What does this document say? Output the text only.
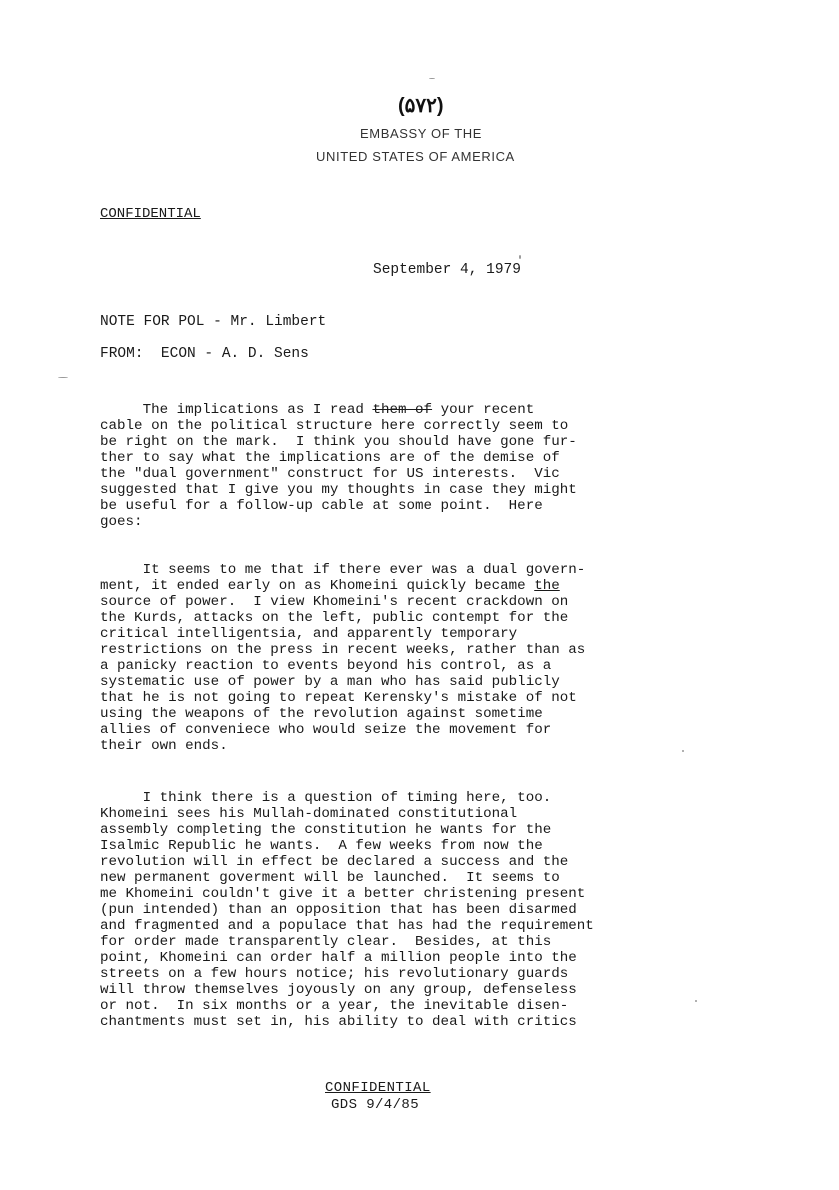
(۵۷۲)
EMBASSY OF THE
UNITED STATES OF AMERICA
CONFIDENTIAL
September 4, 1979
NOTE FOR POL - Mr. Limbert
FROM:  ECON - A. D. Sens
The implications as I read them of your recent
cable on the political structure here correctly seem to
be right on the mark.  I think you should have gone fur-
ther to say what the implications are of the demise of
the "dual government" construct for US interests.  Vic
suggested that I give you my thoughts in case they might
be useful for a follow-up cable at some point.  Here
goes:
It seems to me that if there ever was a dual govern-
ment, it ended early on as Khomeini quickly became the
source of power.  I view Khomeini's recent crackdown on
the Kurds, attacks on the left, public contempt for the
critical intelligentsia, and apparently temporary
restrictions on the press in recent weeks, rather than as
a panicky reaction to events beyond his control, as a
systematic use of power by a man who has said publicly
that he is not going to repeat Kerensky's mistake of not
using the weapons of the revolution against sometime
allies of conveniece who would seize the movement for
their own ends.
I think there is a question of timing here, too.
Khomeini sees his Mullah-dominated constitutional
assembly completing the constitution he wants for the
Isalmic Republic he wants.  A few weeks from now the
revolution will in effect be declared a success and the
new permanent goverment will be launched.  It seems to
me Khomeini couldn't give it a better christening present
(pun intended) than an opposition that has been disarmed
and fragmented and a populace that has had the requirement
for order made transparently clear.  Besides, at this
point, Khomeini can order half a million people into the
streets on a few hours notice; his revolutionary guards
will throw themselves joyously on any group, defenseless
or not.  In six months or a year, the inevitable disen-
chantments must set in, his ability to deal with critics
CONFIDENTIAL
GDS 9/4/85
